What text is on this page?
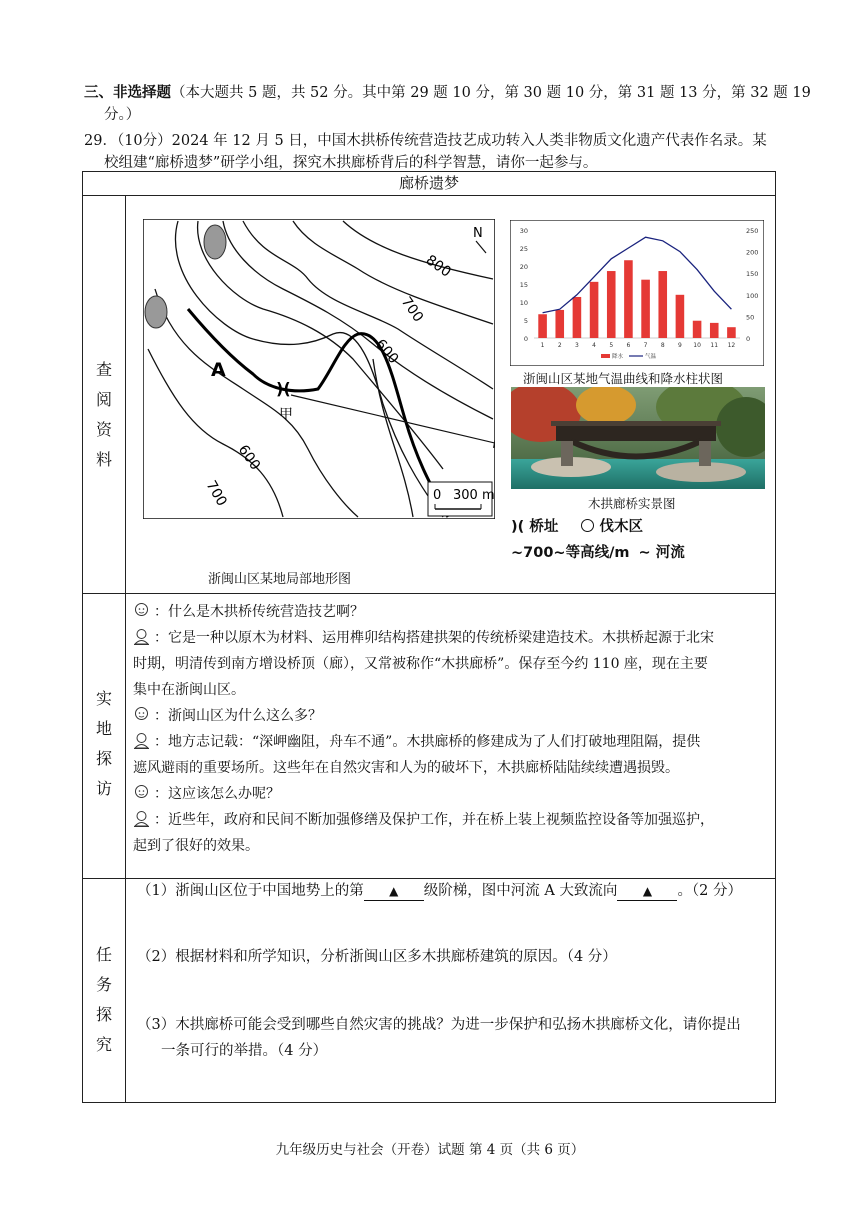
三、非选择题（本大题共 5 题，共 52 分。其中第 29 题 10 分，第 30 题 10 分，第 31 题 13 分，第 32 题 19
分。）
29．（10分）2024 年 12 月 5 日，中国木拱桥传统营造技艺成功转入人类非物质文化遗产代表作名录。某
校组建“廊桥遗梦”研学小组，探究木拱廊桥背后的科学智慧，请你一起参与。
廊桥遗梦
查阅资料
实地探访
任务探究
)(
800
700
600
600
700
A
甲
N
0 300 m
浙闽山区某地局部地形图
0
5
10
15
20
25
30
0
50
100
150
200
250
1 2 3 4 5 6 7 8 9 10 11 12
降水	气温
浙闽山区某地气温曲线和降水柱状图
木拱廊桥实景图
)( 桥址	伐木区
~700~等高线/m ∼ 河流
：什么是木拱桥传统营造技艺啊？
：它是一种以原木为材料、运用榫卯结构搭建拱架的传统桥梁建造技术。木拱桥起源于北宋
时期，明清传到南方增设桥顶（廊），又常被称作“木拱廊桥”。保存至今约 110 座，现在主要
集中在浙闽山区。
：浙闽山区为什么这么多？
：地方志记载：“深岬幽阻，舟车不通”。木拱廊桥的修建成为了人们打破地理阻隔，提供
遮风避雨的重要场所。这些年在自然灾害和人为的破坏下，木拱廊桥陆陆续续遭遇损毁。
：这应该怎么办呢？
：近些年，政府和民间不断加强修缮及保护工作，并在桥上装上视频监控设备等加强巡护，
起到了很好的效果。
（1）浙闽山区位于中国地势上的第 ▲ 级阶梯，图中河流 A 大致流向 ▲ 。（2 分）
（2）根据材料和所学知识，分析浙闽山区多木拱廊桥建筑的原因。（4 分）
（3）木拱廊桥可能会受到哪些自然灾害的挑战？为进一步保护和弘扬木拱廊桥文化，请你提出
一条可行的举措。（4 分）
九年级历史与社会（开卷）试题 第 4 页（共 6 页）
